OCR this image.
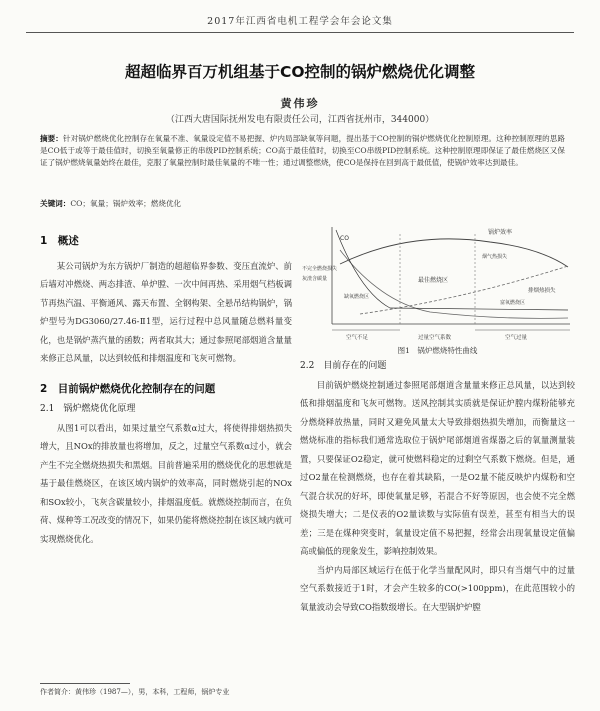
2017年江西省电机工程学会年会论文集
超超临界百万机组基于CO控制的锅炉燃烧优化调整
黄伟珍
（江西大唐国际抚州发电有限责任公司，江西省抚州市，344000）
摘要：针对锅炉燃烧优化控制存在氧量不准、氧量设定值不易把握、炉内局部缺氧等问题，提出基于CO控制的锅炉燃烧优化控制原理。这种控制原理的思路是CO低于或等于最佳值时，切换至氧量修正的串级PID控制系统；CO高于最佳值时，切换至CO串级PID控制系统。这种控制原理即保证了最佳燃烧区又保证了锅炉燃烧氧量始终在最佳，克服了氧量控制时最佳氧量的不唯一性；通过调整燃烧，使CO是保持在回到高于最低值，使锅炉效率达到最佳。
关键词：CO；氧量；锅炉效率；燃烧优化
1　概述

某公司锅炉为东方锅炉厂制造的超超临界参数、变压直流炉、前后墙对冲燃烧、两态排渣、单炉膛、一次中间再热、采用烟气档板调节再热汽温、平衡通风、露天布置、全钢构架、全悬吊结构锅炉，锅炉型号为DG3060/27.46-Ⅱ1型，运行过程中总风量随总燃料量变化，也是锅炉蒸汽量的函数；两者取其大；通过参照尾部烟道含量量来修正总风量，以达到较低和排烟温度和飞灰可燃物。

2　目前锅炉燃烧优化控制存在的问题
2.1　锅炉燃烧优化原理

从图1可以看出，如果过量空气系数α过大，将使得排烟热损失增大，且NOx的排放量也将增加，反之，过量空气系数α过小，就会产生不完全燃烧热损失和黑烟。目前普遍采用的燃烧优化的思想就是基于最佳燃烧区，在该区域内锅炉的效率高，同时燃烧引起的NOx和SOx较小，飞灰含碳量较小，排烟温度低。就燃烧控制而言，在负荷、煤种等工况改变的情况下，如果仍能将燃烧控制在该区域内就可实现燃烧优化。

锅炉效率
排烟热损失
不完全燃烧损失
灰渣含碳量
CO
最佳燃烧区
缺氧燃烧区
富氧燃烧区
烟气热损失
空气不足	过量空气系数	空气过量
图1　锅炉燃烧特性曲线
2.2　目前存在的问题

目前锅炉燃烧控制通过参照尾部烟道含量量来修正总风量，以达到较低和排烟温度和飞灰可燃物。送风控制其实质就是保证炉膛内煤粉能够充分燃烧释放热量，同时又避免风量太大导致排烟热损失增加，而衡量这一燃烧标准的指标我们通常选取位于锅炉尾部烟道省煤器之后的氧量测量装置，只要保证O2稳定，就可使燃料稳定的过剩空气系数下燃烧。但是，通过O2量在检测燃烧，也存在着其缺陷，一是O2量不能反映炉内煤粉和空气混合状况的好坏，即使氧量足够，若混合不好等原因，也会使不完全燃烧损失增大；二是仪表的O2量读数与实际值有误差，甚至有相当大的误差；三是在煤种突变时，氧量设定值不易把握，经常会出现氧量设定值偏高或偏低的现象发生，影响控制效果。

当炉内局部区域运行在低于化学当量配风时，即只有当烟气中的过量空气系数接近于1时，才会产生较多的CO(>100ppm)，在此范围较小的氧量波动会导致CO指数级增长。在大型锅炉炉膛

作者简介：黄伟珍（1987—），男，本科，工程师，锅炉专业
